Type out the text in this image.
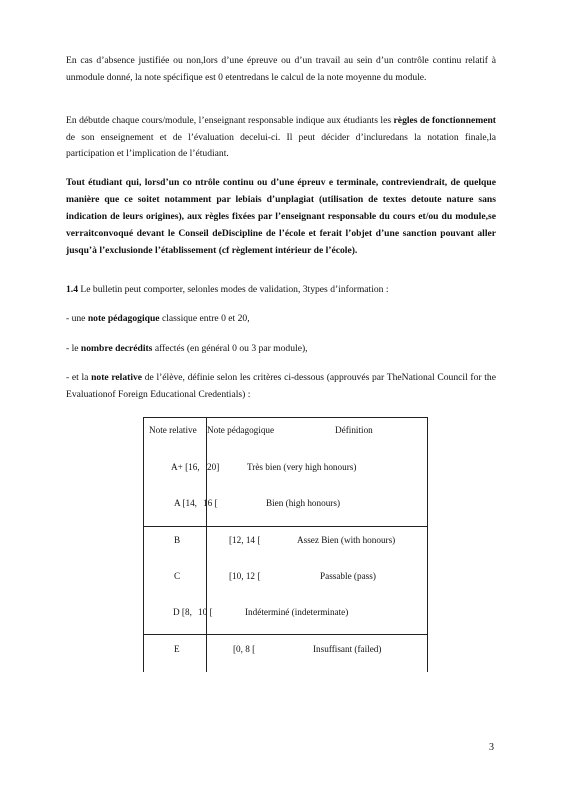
En cas d’absence justifiée ou non,lors d’une épreuve ou d’un travail au sein d’un contrôle continu relatif à unmodule donné, la note spécifique est 0 etentredans le calcul de la note moyenne du module.

En débutde chaque cours/module, l’enseignant responsable indique aux étudiants les règles de fonctionnement de son enseignement et de l’évaluation decelui-ci. Il peut décider d’incluredans la notation finale,la participation et l’implication de l’étudiant.

Tout étudiant qui, lorsd’un co ntrôle continu ou d’une épreuv e terminale, contreviendrait, de quelque manière que ce soitet notamment par lebiais d’unplagiat (utilisation de textes detoute nature sans indication de leurs origines), aux règles fixées par l’enseignant responsable du cours et/ou du module,se verraitconvoqué devant le Conseil deDiscipline de l’école et ferait l’objet d’une sanction pouvant aller jusqu’à l’exclusionde l’établissement (cf règlement intérieur de l’école).

1.4 Le bulletin peut comporter, selonles modes de validation, 3types d’information :

- une note pédagogique classique entre 0 et 20,

- le nombre decrédits affectés (en général 0 ou 3 par module),

- et la note relative de l’élève, définie selon les critères ci-dessous (approuvés par TheNational Council for the Evaluationof Foreign Educational Credentials) :

Note relative Note pédagogique	Définition
A+ [16, 20]	Très bien (very high honours)
A [14, 16 [	Bien (high honours)
B	[12, 14 [	Assez Bien (with honours)
C	[10, 12 [	Passable (pass)
D [8, 10 [	Indéterminé (indeterminate)
E	[0, 8 [	Insuffisant (failed)
3
